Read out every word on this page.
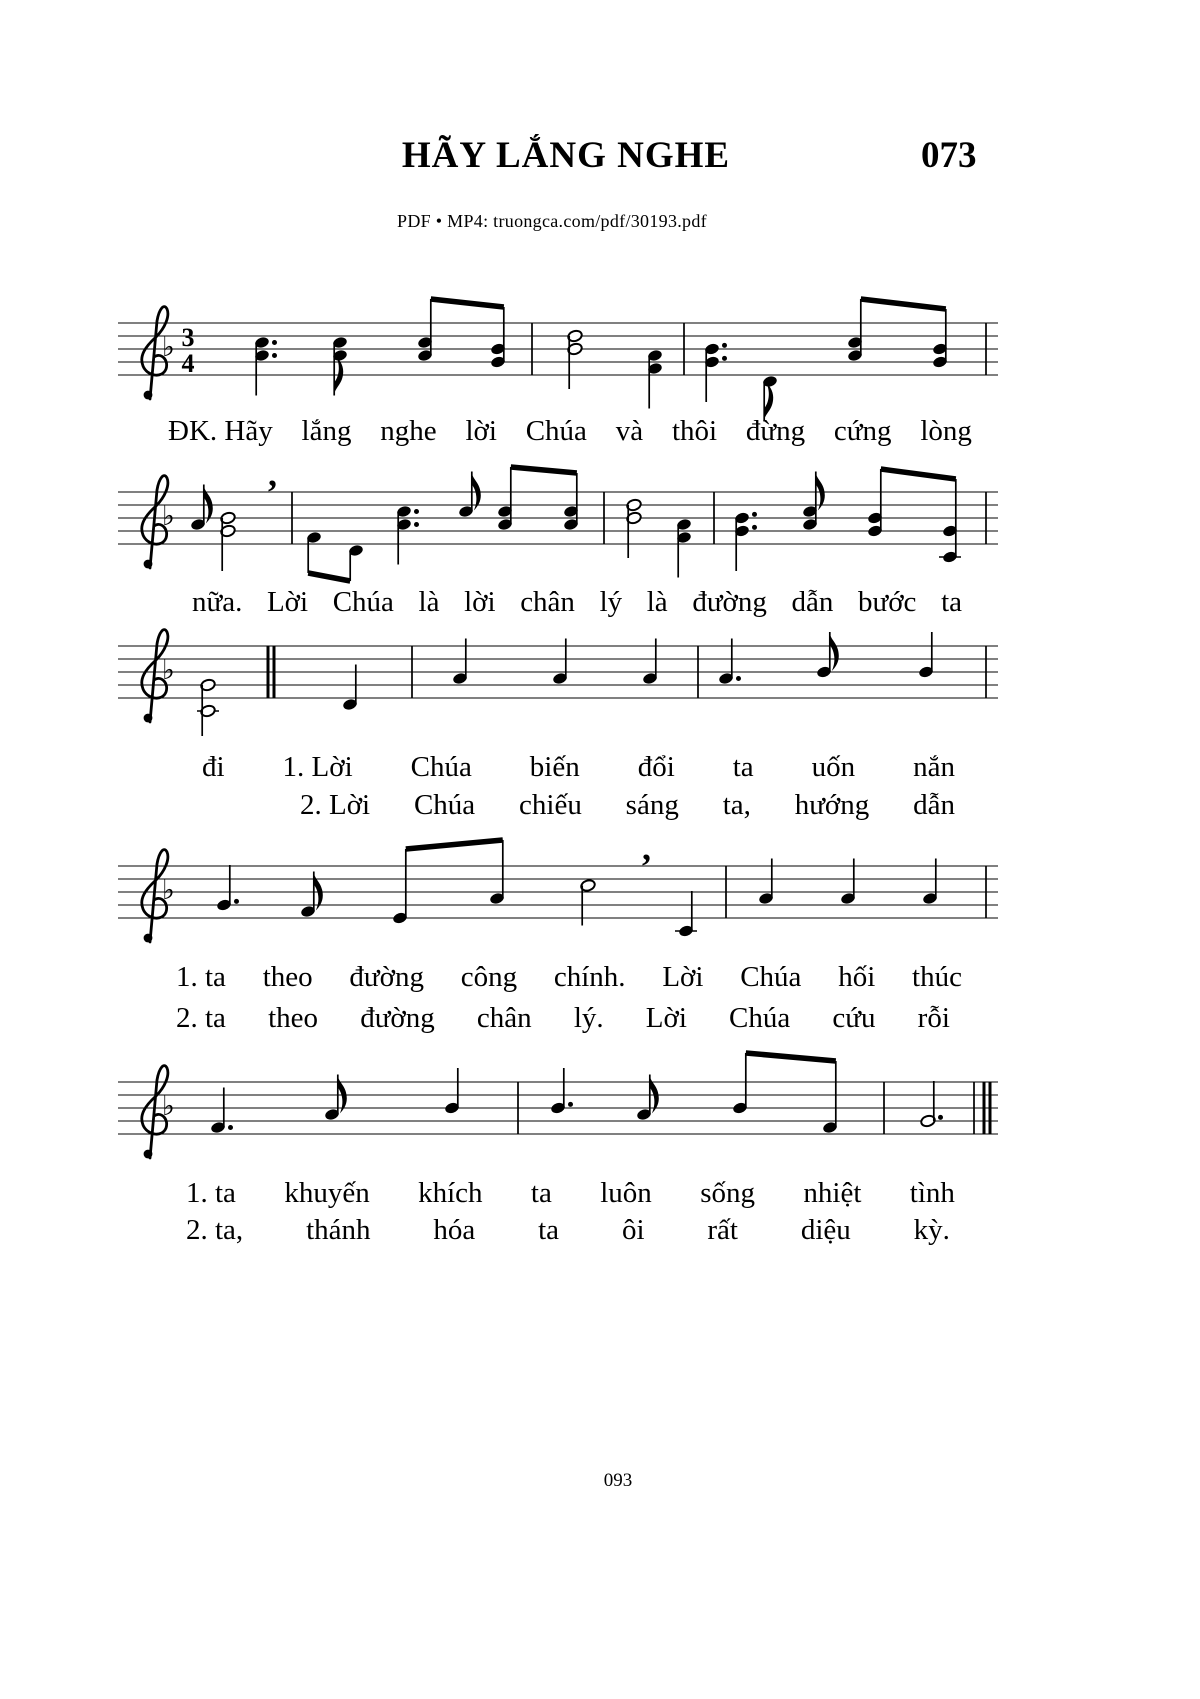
HÃY LẮNG NGHE	073
PDF • MP4: truongca.com/pdf/30193.pdf
♭ 3
4
♭
,
♭
♭
,
♭
ĐK. Hãy lắng nghe lời Chúa và thôi đừng cứng lòng
nữa. Lời Chúa là lời chân lý là đường dẫn bước ta
đi 1. Lời Chúa biến đổi ta uốn nắn
2. Lời Chúa chiếu sáng ta, hướng dẫn
1. ta theo đường công chính. Lời Chúa hối thúc
2. ta theo đường chân lý. Lời Chúa cứu rỗi
1. ta khuyến khích ta luôn sống nhiệt tình
2. ta, thánh hóa ta ôi rất diệu kỳ.
093
